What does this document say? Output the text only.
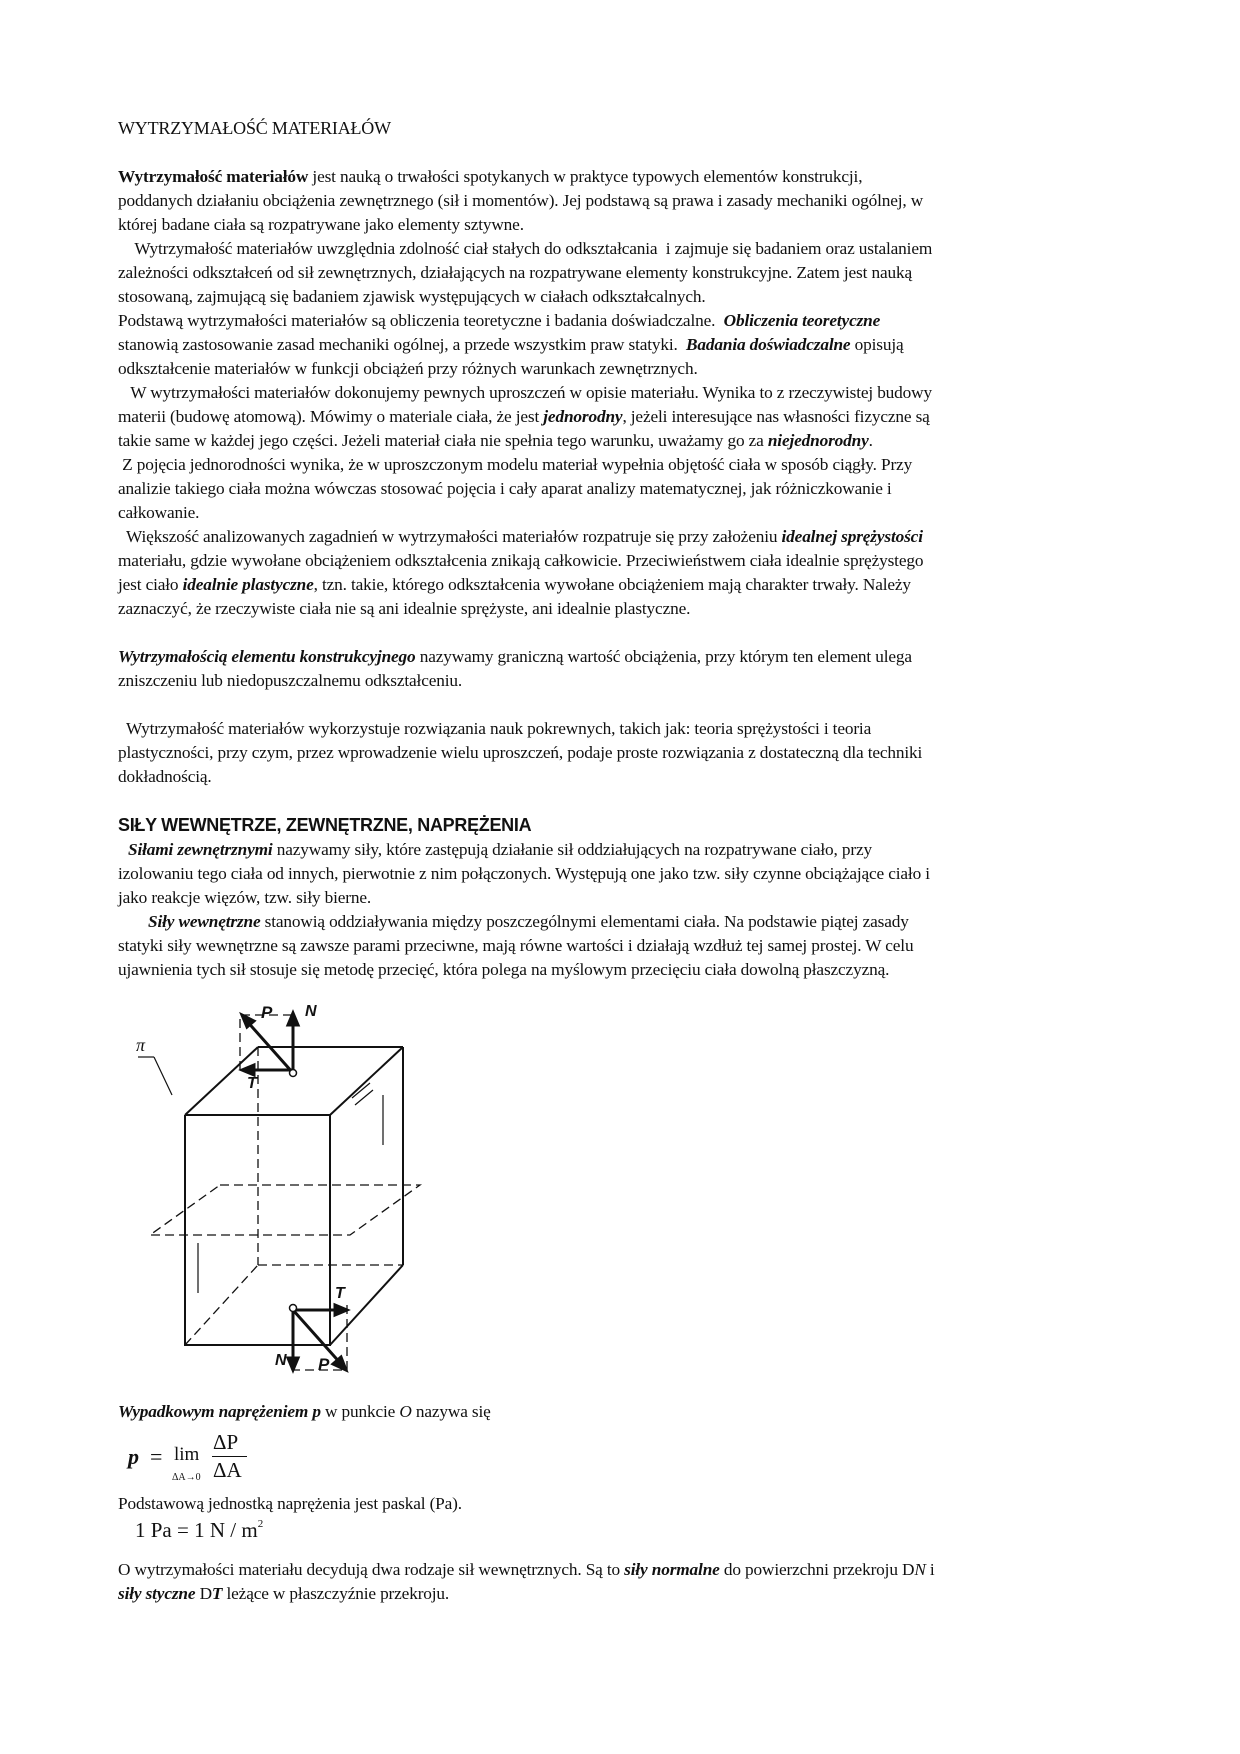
WYTRZYMAŁOŚĆ MATERIAŁÓW
Wytrzymałość materiałów jest nauką o trwałości spotykanych w praktyce typowych elementów konstrukcji,
poddanych działaniu obciążenia zewnętrznego (sił i momentów). Jej podstawą są prawa i zasady mechaniki ogólnej, w
której badane ciała są rozpatrywane jako elementy sztywne.
Wytrzymałość materiałów uwzględnia zdolność ciał stałych do odkształcania  i zajmuje się badaniem oraz ustalaniem
zależności odkształceń od sił zewnętrznych, działających na rozpatrywane elementy konstrukcyjne. Zatem jest nauką
stosowaną, zajmującą się badaniem zjawisk występujących w ciałach odkształcalnych.
Podstawą wytrzymałości materiałów są obliczenia teoretyczne i badania doświadczalne.  Obliczenia teoretyczne
stanowią zastosowanie zasad mechaniki ogólnej, a przede wszystkim praw statyki.  Badania doświadczalne opisują
odkształcenie materiałów w funkcji obciążeń przy różnych warunkach zewnętrznych.
W wytrzymałości materiałów dokonujemy pewnych uproszczeń w opisie materiału. Wynika to z rzeczywistej budowy
materii (budowę atomową). Mówimy o materiale ciała, że jest jednorodny, jeżeli interesujące nas własności fizyczne są
takie same w każdej jego części. Jeżeli materiał ciała nie spełnia tego warunku, uważamy go za niejednorodny.
Z pojęcia jednorodności wynika, że w uproszczonym modelu materiał wypełnia objętość ciała w sposób ciągły. Przy
analizie takiego ciała można wówczas stosować pojęcia i cały aparat analizy matematycznej, jak różniczkowanie i
całkowanie.
Większość analizowanych zagadnień w wytrzymałości materiałów rozpatruje się przy założeniu idealnej sprężystości
materiału, gdzie wywołane obciążeniem odkształcenia znikają całkowicie. Przeciwieństwem ciała idealnie sprężystego
jest ciało idealnie plastyczne, tzn. takie, którego odkształcenia wywołane obciążeniem mają charakter trwały. Należy
zaznaczyć, że rzeczywiste ciała nie są ani idealnie sprężyste, ani idealnie plastyczne.
Wytrzymałością elementu konstrukcyjnego nazywamy graniczną wartość obciążenia, przy którym ten element ulega
zniszczeniu lub niedopuszczalnemu odkształceniu.
Wytrzymałość materiałów wykorzystuje rozwiązania nauk pokrewnych, takich jak: teoria sprężystości i teoria
plastyczności, przy czym, przez wprowadzenie wielu uproszczeń, podaje proste rozwiązania z dostateczną dla techniki
dokładnością.
SIŁY WEWNĘTRZE, ZEWNĘTRZNE, NAPRĘŻENIA
Siłami zewnętrznymi nazywamy siły, które zastępują działanie sił oddziałujących na rozpatrywane ciało, przy
izolowaniu tego ciała od innych, pierwotnie z nim połączonych. Występują one jako tzw. siły czynne obciążające ciało i
jako reakcje więzów, tzw. siły bierne.
Siły wewnętrzne stanowią oddziaływania między poszczególnymi elementami ciała. Na podstawie piątej zasady
statyki siły wewnętrzne są zawsze parami przeciwne, mają równe wartości i działają wzdłuż tej samej prostej. W celu
ujawnienia tych sił stosuje się metodę przecięć, która polega na myślowym przecięciu ciała dowolną płaszczyzną.
P N
T
π
T
N P
Wypadkowym naprężeniem p w punkcie O nazywa się
p = lim
ΔA→0
ΔP
ΔA
Podstawową jednostką naprężenia jest paskal (Pa).
1 Pa = 1 N / $m^2$
O wytrzymałości materiału decydują dwa rodzaje sił wewnętrznych. Są to siły normalne do powierzchni przekroju DN i
siły styczne DT leżące w płaszczyźnie przekroju.
